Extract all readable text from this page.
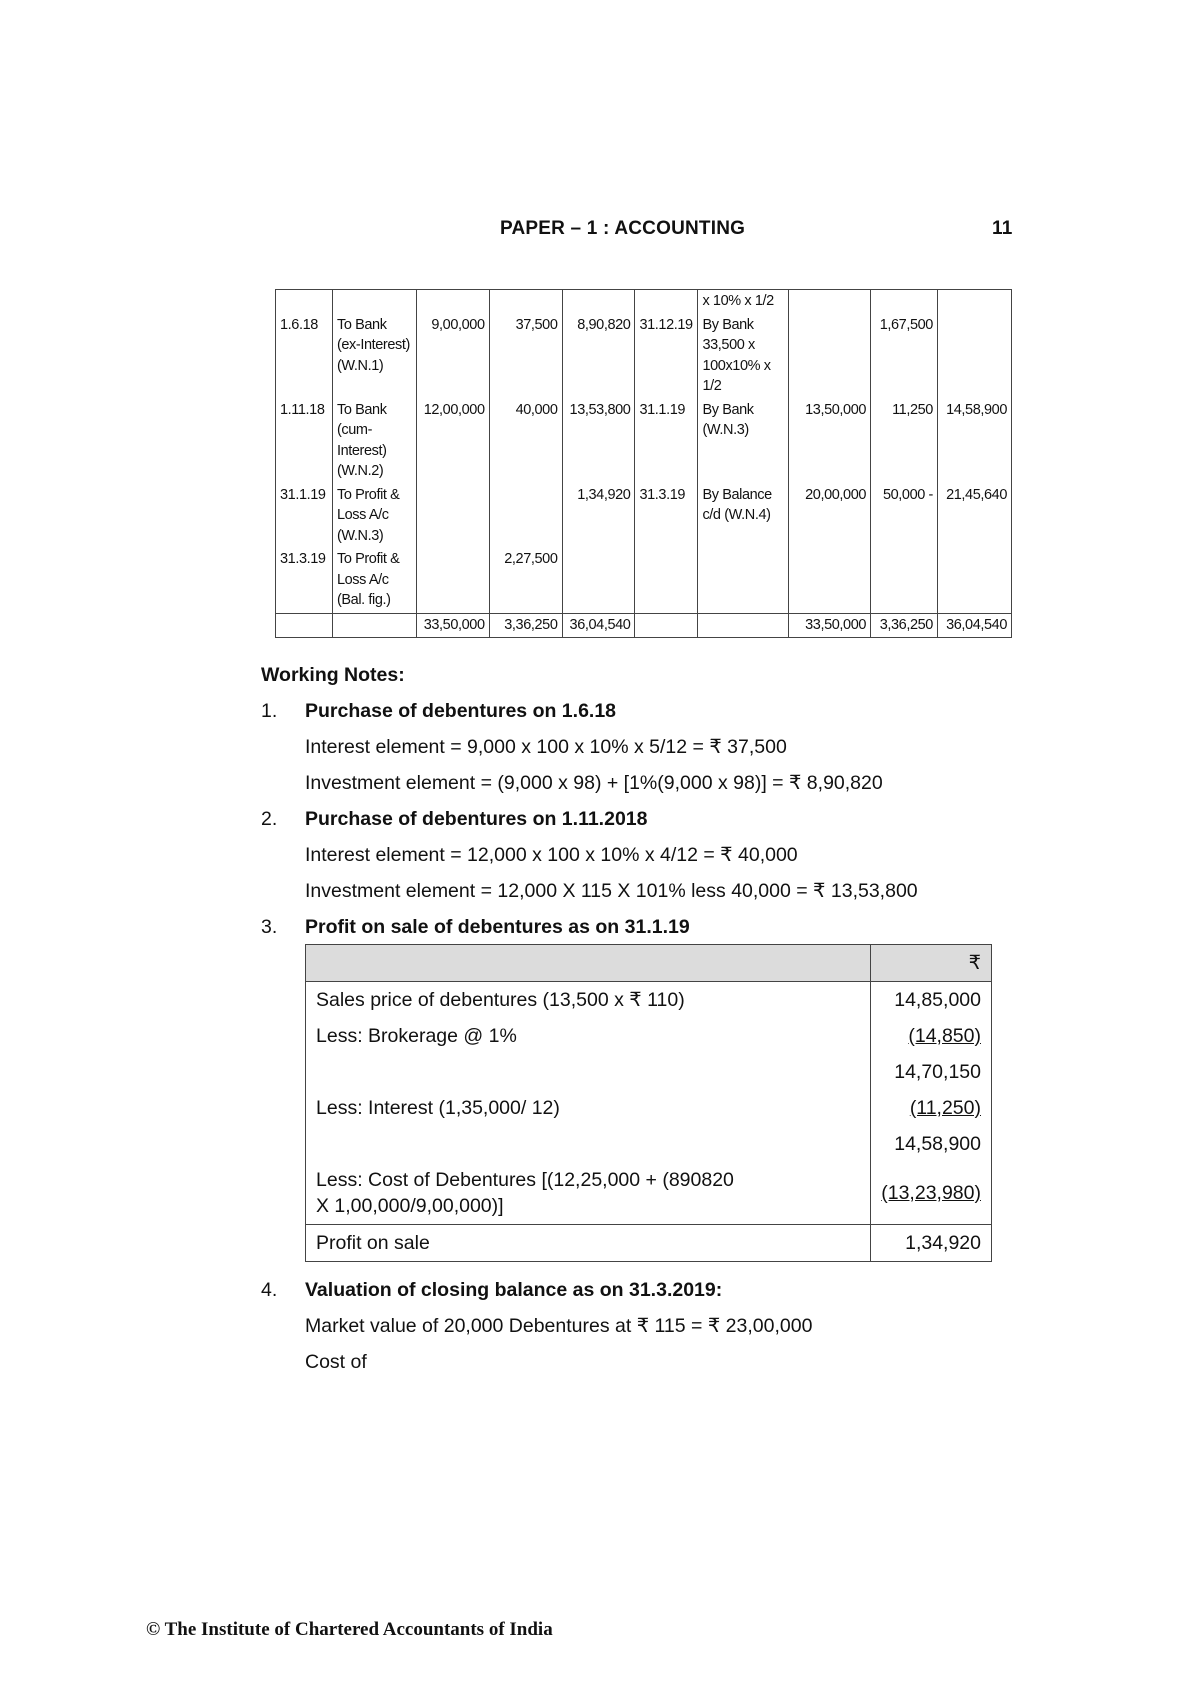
PAPER – 1 : ACCOUNTING	11
						x 10% x 1/2			
1.6.18	To Bank (ex-Interest) (W.N.1)	9,00,000	37,500	8,90,820	31.12.19	By Bank 33,500 x 100x10% x 1/2		1,67,500	
1.11.18	To Bank (cum-Interest) (W.N.2)	12,00,000	40,000	13,53,800	31.1.19	By Bank (W.N.3)	13,50,000	11,250	14,58,900
31.1.19	To Profit & Loss A/c (W.N.3)			1,34,920	31.3.19	By Balance c/d (W.N.4)	20,00,000	50,000 -	21,45,640
31.3.19	To Profit & Loss A/c (Bal. fig.)		2,27,500						
		33,50,000	3,36,250	36,04,540			33,50,000	3,36,250	36,04,540
Working Notes:
1. Purchase of debentures on 1.6.18
Interest element = 9,000 x 100 x 10% x 5/12 = ₹ 37,500
Investment element = (9,000 x 98) + [1%(9,000 x 98)] = ₹ 8,90,820
2. Purchase of debentures on 1.11.2018
Interest element = 12,000 x 100 x 10% x 4/12 = ₹ 40,000
Investment element = 12,000 X 115 X 101% less 40,000 = ₹ 13,53,800
3. Profit on sale of debentures as on 31.1.19
	₹
Sales price of debentures (13,500 x ₹ 110)	14,85,000
Less: Brokerage @ 1%	(14,850)
	14,70,150
Less: Interest (1,35,000/ 12)	(11,250)
	14,58,900
Less: Cost of Debentures [(12,25,000 + (890820 X 1,00,000/9,00,000)]	(13,23,980)
Profit on sale	1,34,920
4. Valuation of closing balance as on 31.3.2019:
Market value of 20,000 Debentures at ₹ 115 = ₹ 23,00,000
Cost of
© The Institute of Chartered Accountants of India
